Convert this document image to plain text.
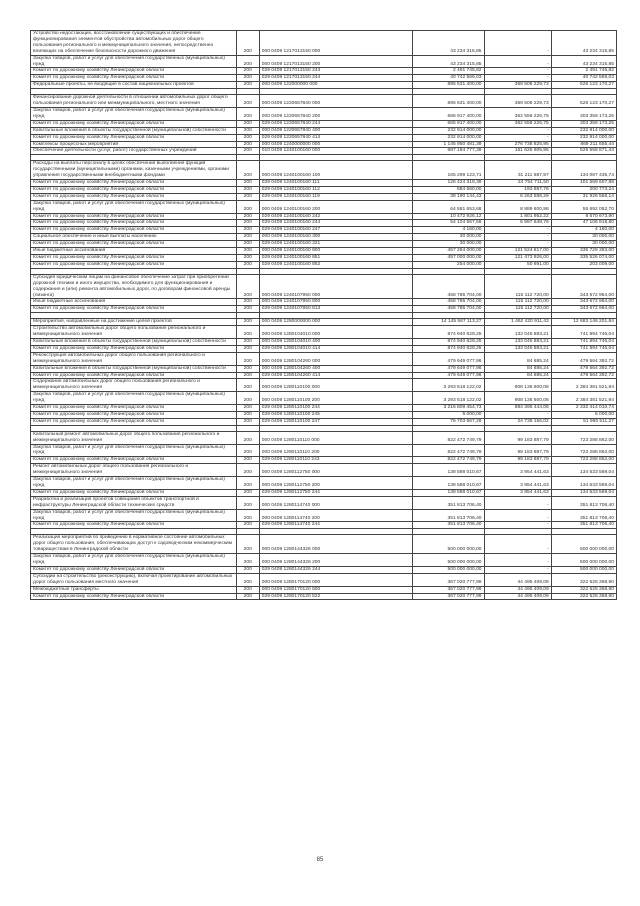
Устройство недостающих, восстановление существующих и обеспечение функционирования элементов обустройства автомобильных дорог общего пользования регионального и межмуниципального значения, непосредственно влияющих на обеспечение безопасности дорожного движения	200	000 0409 1217013150 000	43 234 315,85	-	43 234 315,85
Закупка товаров, работ и услуг для обеспечения государственных (муниципальных) нужд	200	000 0409 1217013150 200	43 234 315,85	-	43 234 315,85
Комитет по дорожному хозяйству Ленинградской области	200	029 0409 1217013150 243	2 491 745,82	-	2 491 745,82
Комитет по дорожному хозяйству Ленинградской области	200	029 0409 1217013150 244	40 742 569,03	-	40 742 569,03
Федеральные проекты, не входящие в состав национальных проектов	200	000 0409 122000000 000	895 631 400,00	369 508 229,73	526 123 170,27

Финансирование дорожной деятельности в отношении автомобильных дорог общего пользования регионального или межмуниципального, местного значения	200	000 0409 1220657840 000	895 631 400,00	369 508 229,73	526 123 170,27
Закупка товаров, работ и услуг для обеспечения государственных (муниципальных) нужд	200	000 0409 1220657840 200	665 917 400,00	362 558 226,75	303 359 173,25
Комитет по дорожному хозяйству Ленинградской области	200	029 0409 1220657840 244	665 917 400,00	362 558 226,75	303 359 173,25
Капитальные вложения в объекты государственной (муниципальной) собственности	200	000 0409 1220657840 400	232 914 000,00	-	232 914 000,00
Комитет по дорожному хозяйству Ленинградской области	200	029 0409 1220657840 414	232 914 000,00	-	232 914 000,00
Комплексы процессных мероприятий	200	000 0409 1240000000 000	1 145 950 481,39	276 738 825,95	869 211 655,44
Обеспечение деятельности (услуг, работ) государственных учреждений	200	010 0409 1240100160 000	687 184 777,39	161 625 905,95	525 558 871,44

Расходы на выплаты персоналу в целях обеспечения выполнения функций государственными (муниципальными) органами, казенными учреждениями, органами управления государственными внебюджетными фондами	200	000 0409 1240100160 100	165 299 123,71	31 211 687,97	134 087 435,74
Комитет по дорожному хозяйству Ленинградской области	200	029 0409 1240100160 111	126 424 319,38	24 754 711,50	101 669 607,88
Комитет по дорожному хозяйству Ленинградской области	200	029 0409 1240100160 112	684 660,00	193 887,76	200 773,24
Комитет по дорожному хозяйству Ленинградской области	200	029 0409 1240100160 119	38 190 144,43	6 263 588,29	31 926 556,14
Закупка товаров, работ и услуг для обеспечения государственных (муниципальных) нужд	200	000 0409 1240100160 200	64 581 653,68	8 889 600,98	55 692 052,70
Комитет по дорожному хозяйству Ленинградской области	200	029 0409 1240100160 242	10 472 926,12	1 801 952,22	8 670 973,90
Комитет по дорожному хозяйству Ленинградской области	200	029 0409 1240100160 244	54 104 567,56	6 997 648,76	47 106 918,80
Комитет по дорожному хозяйству Ленинградской области	200	029 0409 1240100160 247	4 160,00	-	4 160,00
Социальное обеспечение и иные выплаты населению	200	000 0409 1240100160 300	30 000,00	-	30 000,00
Комитет по дорожному хозяйству Ленинградской области	200	029 0409 1240100160 321	30 000,00	-	30 000,00
Иные бюджетные ассигнования	200	000 0409 1240100160 800	457 254 000,00	121 524 617,00	335 729 383,00
Комитет по дорожному хозяйству Ленинградской области	200	029 0409 1240100160 851	457 000 000,00	121 473 926,00	335 526 074,00
Комитет по дорожному хозяйству Ленинградской области	200	029 0409 1240100160 852	254 000,00	50 691,00	203 009,00

Субсидия юридическим лицам на финансовое обеспечение затрат при приобретении дорожной техники и иного имущества, необходимого для функционирования и содержания и (или) ремонта автомобильных дорог, по договорам финансовой аренды (лизинга)	200	000 0409 1240107950 000	458 785 704,00	115 112 720,00	343 672 984,00
Иные бюджетные ассигнования	200	000 0409 1240107950 800	458 785 704,00	115 112 720,00	343 672 984,00
Комитет по дорожному хозяйству Ленинградской области	200	029 0409 1240107950 813	458 785 704,00	115 112 720,00	343 672 984,00

Мероприятия, направленные на достижение целей проектов	200	000 0409 1280000000 000	14 145 567 113,27	1 462 420 911,43	12 683 146 201,84
Строительство автомобильных дорог общего пользования регионального и межмуниципального значения	200	000 0409 1280104010 000	874 940 629,25	133 045 883,21	741 894 746,04
Капитальные вложения в объекты государственной (муниципальной) собственности	200	000 0409 1280104010 400	874 940 629,25	133 045 883,21	741 894 746,04
Комитет по дорожному хозяйству Ленинградской области	200	029 0409 1280104010 414	874 940 629,25	133 045 883,21	741 894 746,04
Реконструкция автомобильных дорог общего пользования регионального и межмуниципального значения	200	000 0409 1280104260 000	479 649 077,96	84 685,24	479 564 392,72
Капитальные вложения в объекты государственной (муниципальной) собственности	200	000 0409 1280104260 400	479 649 077,96	84 685,24	479 564 392,72
Комитет по дорожному хозяйству Ленинградской области	200	029 0409 1280104260 414	479 649 077,96	84 685,24	479 564 392,72
Содержание автомобильных дорог общего пользования регионального и межмуниципального значения	200	000 0409 1280110100 000	3 293 518 122,02	908 136 600,08	2 384 381 521,94
Закупка товаров, работ и услуг для обеспечения государственных (муниципальных) нужд	200	000 0409 1280110100 200	3 293 518 122,02	908 136 600,08	2 384 381 521,94
Комитет по дорожному хозяйству Ленинградской области	200	029 0409 1280110100 244	3 216 809 454,73	884 395 444,06	2 332 414 010,74
Комитет по дорожному хозяйству Ленинградской области	200	029 0409 1280110100 245	5 000,00	-	5 000,00
Комитет по дорожному хозяйству Ленинградской области	200	029 0409 1280110100 247	76 703 667,29	24 738 156,02	51 965 511,27

Капитальный ремонт автомобильных дорог общего пользования регионального и межмуниципального значения	200	000 0409 1280110110 000	822 472 749,79	99 183 887,79	723 288 862,00
Закупка товаров, работ и услуг для обеспечения государственных (муниципальных) нужд	200	000 0409 1280110110 200	822 472 749,79	99 183 887,79	723 288 862,00
Комитет по дорожному хозяйству Ленинградской области	200	029 0409 1280110110 243	822 472 749,79	99 183 887,79	723 288 862,00
Ремонт автомобильных дорог общего пользования регионального и межмуниципального значения	200	000 0409 1280112750 000	138 588 010,67	3 954 441,63	134 633 569,04
Закупка товаров, работ и услуг для обеспечения государственных (муниципальных) нужд	200	000 0409 1280112750 200	138 588 010,67	3 954 441,63	134 633 569,04
Комитет по дорожному хозяйству Ленинградской области	200	029 0409 1280112750 244	138 588 010,67	3 954 441,63	134 633 569,04
Разработка и реализация проектов совещания объектов транспортной и инфраструктуры Ленинградской области технических средств	200	000 0409 1280114740 000	351 813 706,40	-	351 813 706,40
Закупка товаров, работ и услуг для обеспечения государственных (муниципальных) нужд	200	000 0409 1280114740 200	351 813 706,40	-	351 813 706,40
Комитет по дорожному хозяйству Ленинградской области	200	029 0409 1280114740 244	351 813 706,40	-	351 813 706,40

Реализация мероприятий по приведению в нормативное состояние автомобильных дорог общего пользования, обеспечивающих доступ к садоводческим некоммерческим товариществам в Ленинградской области	200	000 0409 1280144326 000	500 000 000,00	-	500 000 000,00
Закупка товаров, работ и услуг для обеспечения государственных (муниципальных) нужд	200	000 0409 1280144326 200	500 000 000,00	-	500 000 000,00
Комитет по дорожному хозяйству Ленинградской области	200	029 0409 1280144326 244	500 000 000,00	-	500 000 000,00
Субсидии на строительство (реконструкцию), включая проектирование автомобильных дорог общего пользования местного значения	200	000 0409 1280170120 000	367 020 777,99	44 495 409,09	322 525 368,90
Межбюджетные трансферты	200	000 0409 1280170120 500	367 020 777,99	44 495 409,09	322 525 368,90
Комитет по дорожному хозяйству Ленинградской области	200	029 0409 1280170120 522	367 020 777,99	44 495 409,09	322 525 368,90
85
